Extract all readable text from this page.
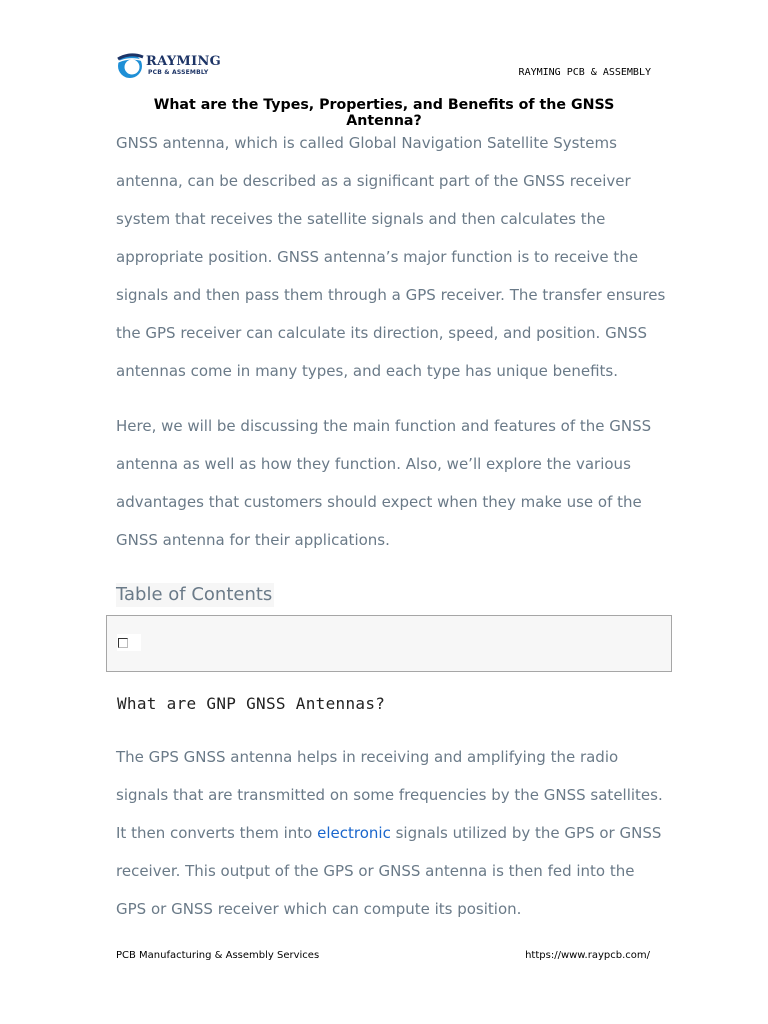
RAYMING
PCB & ASSEMBLY	RAYMING PCB & ASSEMBLY
What are the Types, Properties, and Benefits of the GNSS Antenna?

GNSS antenna, which is called Global Navigation Satellite Systems antenna, can be described as a significant part of the GNSS receiver system that receives the satellite signals and then calculates the appropriate position. GNSS antenna’s major function is to receive the signals and then pass them through a GPS receiver. The transfer ensures the GPS receiver can calculate its direction, speed, and position. GNSS antennas come in many types, and each type has unique benefits.

Here, we will be discussing the main function and features of the GNSS antenna as well as how they function. Also, we’ll explore the various advantages that customers should expect when they make use of the GNSS antenna for their applications.

Table of Contents
What are GNP GNSS Antennas?

The GPS GNSS antenna helps in receiving and amplifying the radio signals that are transmitted on some frequencies by the GNSS satellites. It then converts them into electronic signals utilized by the GPS or GNSS receiver. This output of the GPS or GNSS antenna is then fed into the GPS or GNSS receiver which can compute its position.

PCB Manufacturing & Assembly Services	https://www.raypcb.com/
